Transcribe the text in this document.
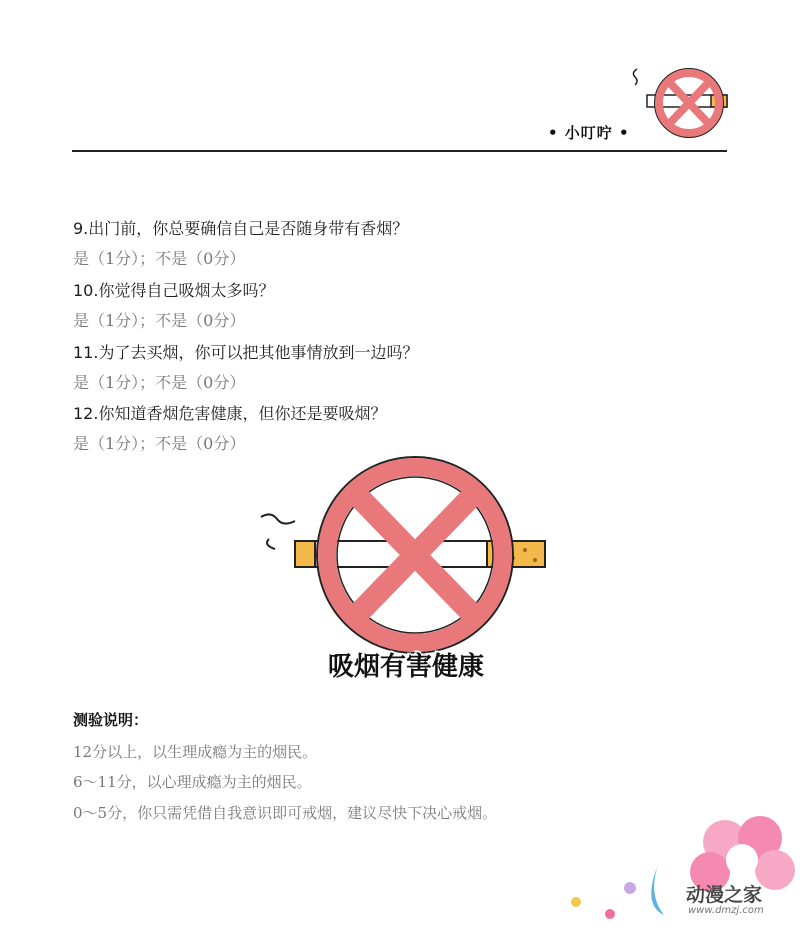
• 小叮咛 •
9.出门前，你总要确信自己是否随身带有香烟？
是（1分）；不是（0分）
10.你觉得自己吸烟太多吗？
是（1分）；不是（0分）
11.为了去买烟，你可以把其他事情放到一边吗？
是（1分）；不是（0分）
12.你知道香烟危害健康，但你还是要吸烟？
是（1分）；不是（0分）
吸烟有害健康
测验说明：
12分以上，以生理成瘾为主的烟民。
6～11分，以心理成瘾为主的烟民。
0～5分，你只需凭借自我意识即可戒烟，建议尽快下决心戒烟。
动漫之家
www.dmzj.com
